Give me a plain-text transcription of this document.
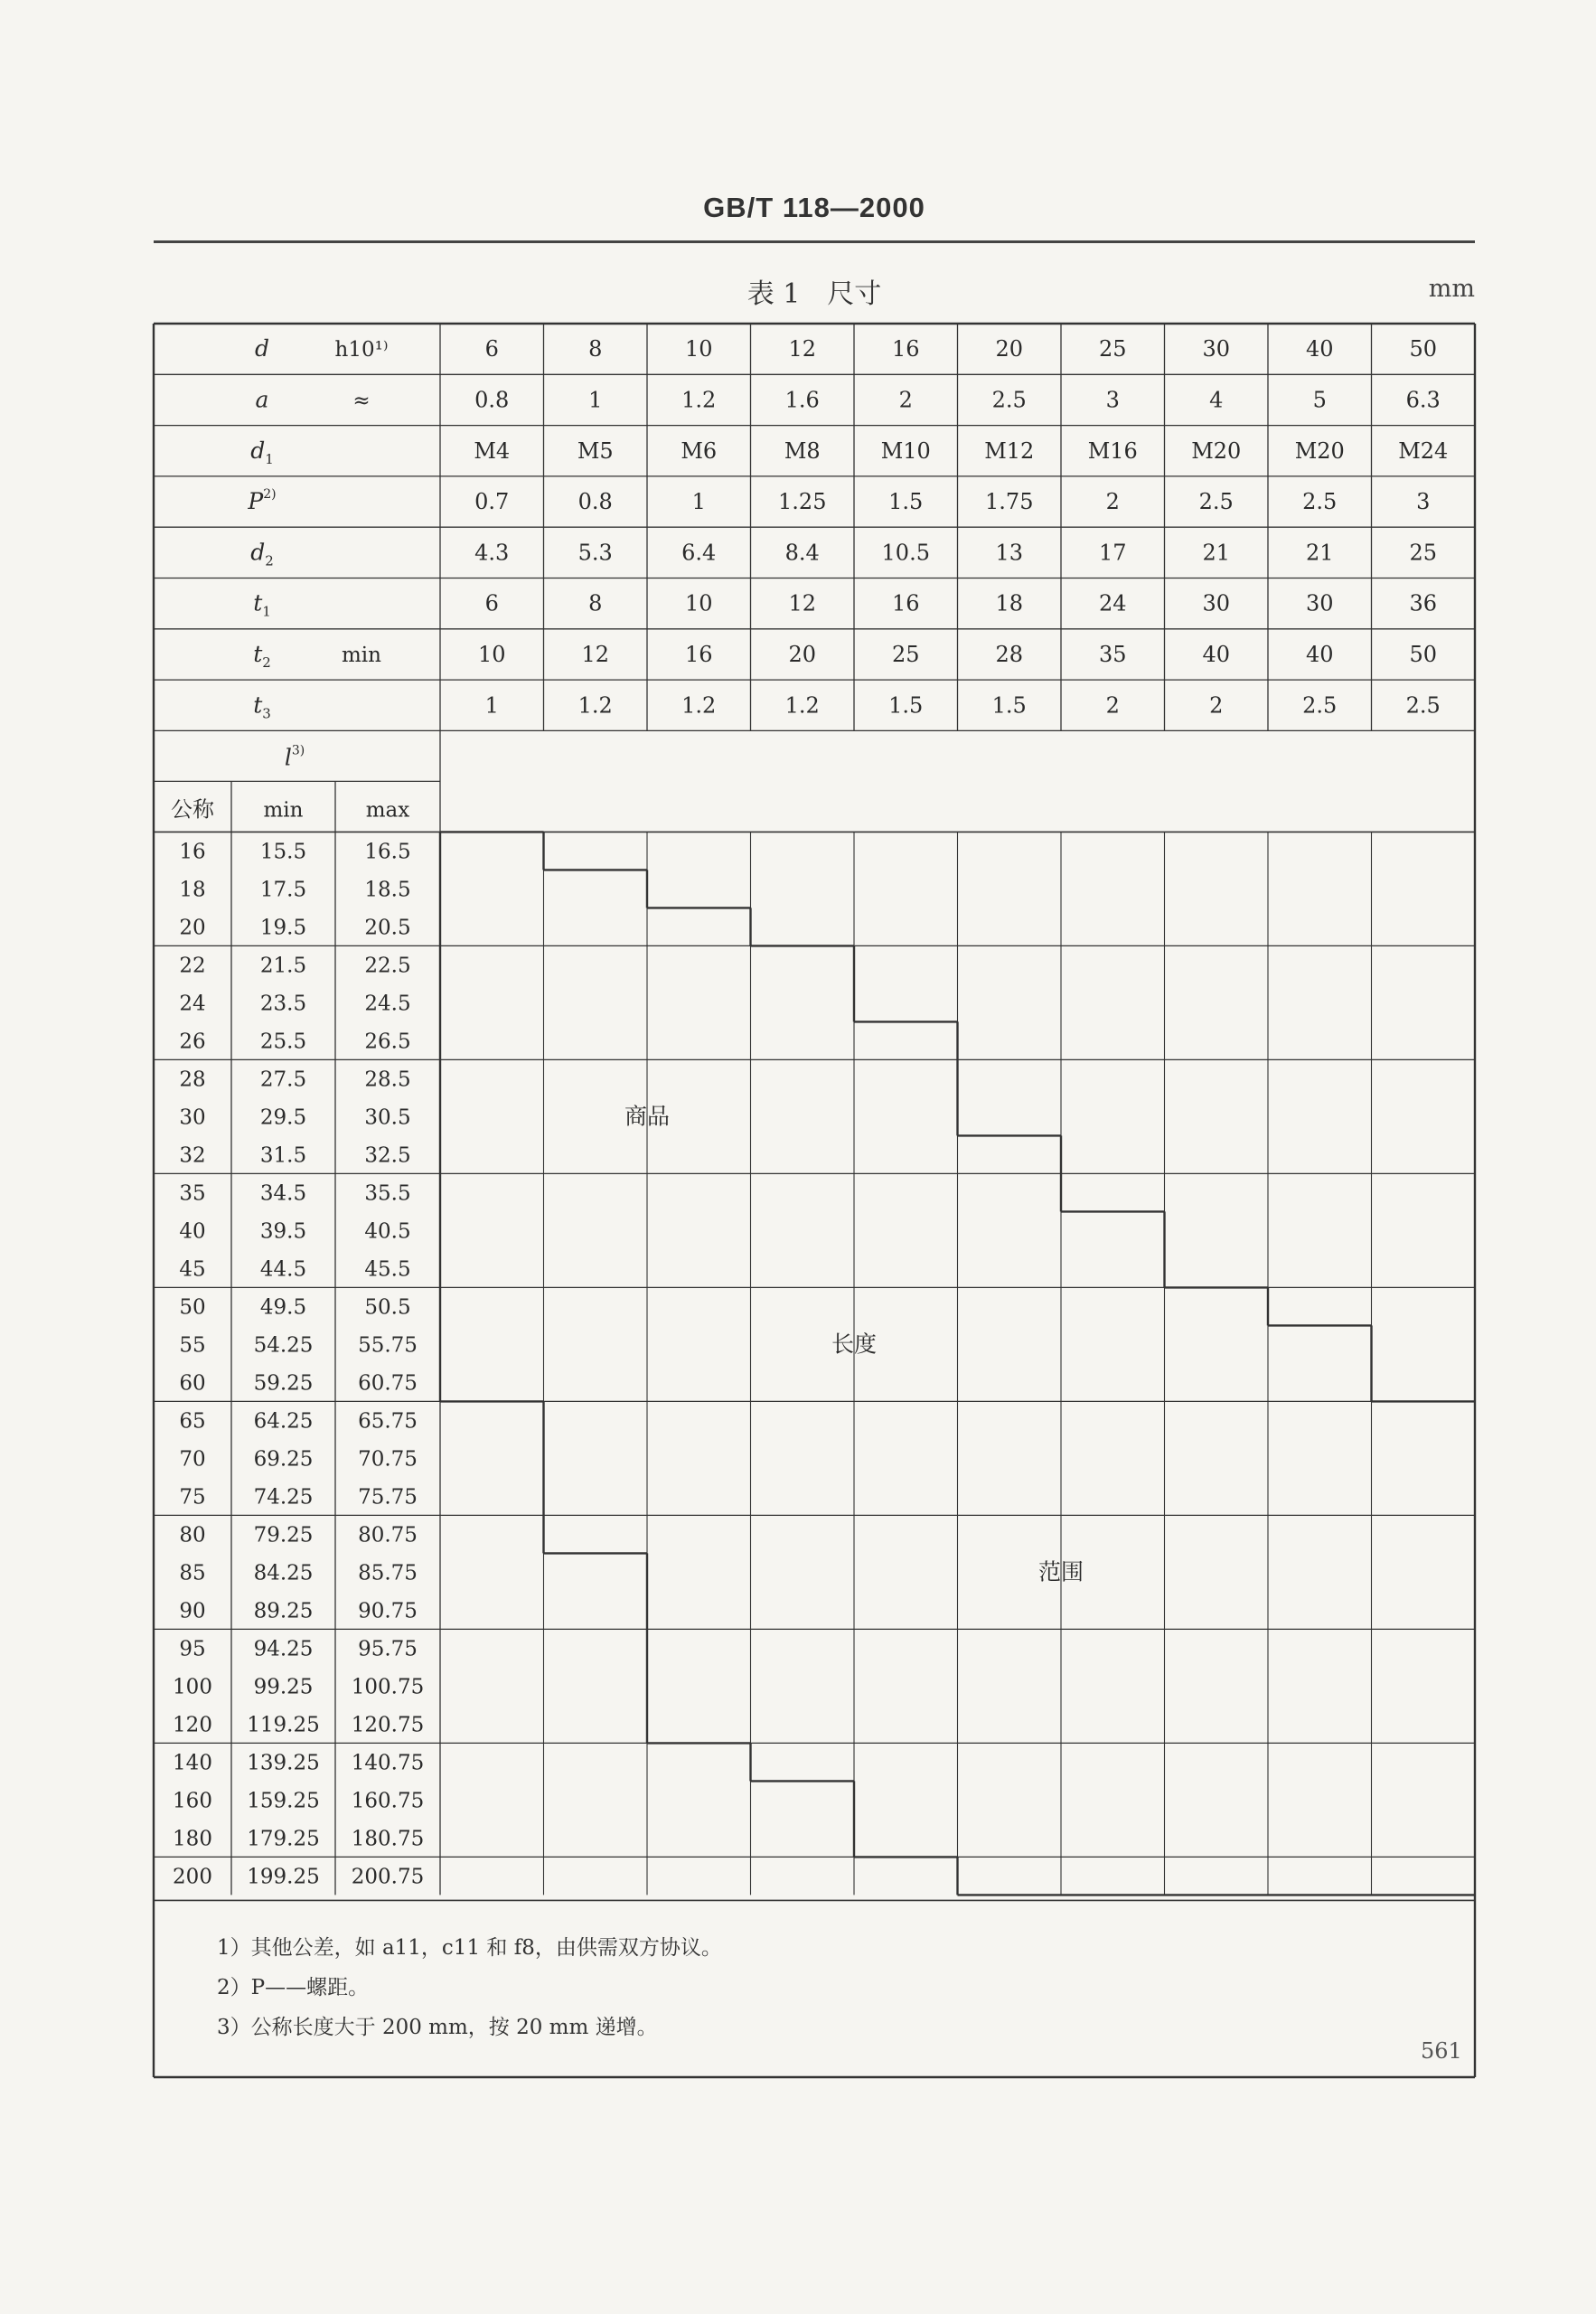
GB/T 118—2000
表 1　尺寸	mm
d	h10¹⁾	6	8	10	12	16	20	25	30	40	50
a	≈	0.8	1	1.2	1.6	2	2.5	3	4	5	6.3
$d_1$	M4	M5	M6	M8	M10 M12 M16 M20 M20 M24
$P^{2)}$	0.7	0.8	1	1.25	1.5	1.75	2	2.5	2.5	3
$d_2$	4.3	5.3	6.4	8.4	10.5	13	17	21	21	25
$t_1$	6	8	10	12	16	18	24	30	30	36
$t_2$	min	10	12	16	20	25	28	35	40	40	50
$t_3$	1	1.2	1.2	1.2	1.5	1.5	2	2	2.5	2.5
$l^{3)}$
公称 min	max
16	15.5	16.5
18	17.5	18.5
20	19.5	20.5
22	21.5	22.5
24	23.5	24.5
26	25.5	26.5
28	27.5	28.5
30	29.5	30.5
32	31.5	32.5
35	34.5	35.5
40	39.5	40.5
45	44.5	45.5
50	49.5	50.5
55 54.25 55.75
60 59.25 60.75
65 64.25 65.75
70 69.25 70.75
75 74.25 75.75
80 79.25 80.75
85 84.25 85.75
90 89.25 90.75
95 94.25 95.75
100 99.25 100.75
120 119.25 120.75
140 139.25 140.75
160 159.25 160.75
180 179.25 180.75
200 199.25 200.75
商品
长度
范围
1）其他公差，如 a11，c11 和 f8，由供需双方协议。
2）P——螺距。
3）公称长度大于 200 mm，按 20 mm 递增。
561
